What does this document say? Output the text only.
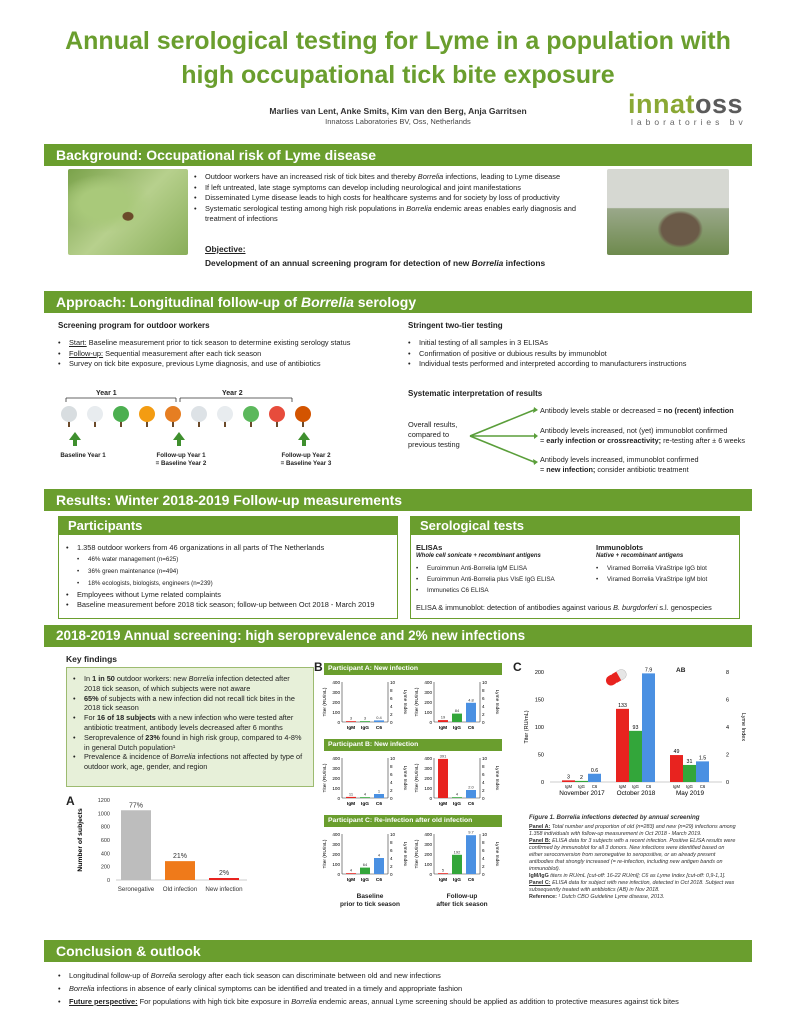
Annual serological testing for Lyme in a population with
high occupational tick bite exposure
Marlies van Lent, Anke Smits, Kim van den Berg, Anja Garritsen
Innatoss Laboratories BV, Oss, Netherlands
innatoss
laboratories bv
Background: Occupational risk of Lyme disease
• Outdoor workers have an increased risk of tick bites and thereby Borrelia infections, leading to Lyme disease
• If left untreated, late stage symptoms can develop including neurological and joint manifestations
• Disseminated Lyme disease leads to high costs for healthcare systems and for society by loss of productivity
• Systematic serological testing among high risk populations in Borrelia endemic areas enables early diagnosis and treatment of infections
Objective:
Development of an annual screening program for detection of new Borrelia infections
Approach: Longitudinal follow-up of Borrelia serology
Screening program for outdoor workers
• Start: Baseline measurement prior to tick season to determine existing serology status
• Follow-up: Sequential measurement after each tick season
• Survey on tick bite exposure, previous Lyme diagnosis, and use of antibiotics
Year 1	Year 2
Baseline Year 1	Follow-up Year 1
= Baseline Year 2
Follow-up Year 2
= Baseline Year 3
Stringent two-tier testing
• Initial testing of all samples in 3 ELISAs
• Confirmation of positive or dubious results by immunoblot
• Individual tests performed and interpreted according to manufacturers instructions
Systematic interpretation of results
Overall results,
compared to
previous testing
Antibody levels stable or decreased = no (recent) infection
Antibody levels increased, not (yet) immunoblot confirmed
= early infection or crossreactivity; re-testing after ± 6 weeks
Antibody levels increased, immunoblot confirmed
= new infection; consider antibiotic treatment
Results: Winter 2018-2019 Follow-up measurements
Participants
• 1.358 outdoor workers from 46 organizations in all parts of The Netherlands
• 46% water management (n=625)
• 36% green maintenance (n=494)
• 18% ecologists, biologists, engineers (n=239)
• Employees without Lyme related complaints
• Baseline measurement before 2018 tick season; follow-up between Oct 2018 - March 2019
Serological tests
ELISAs
Whole cell sonicate + recombinant antigens
• Euroimmun Anti-Borrelia IgM ELISA
• Euroimmun Anti-Borrelia plus VlsE IgG ELISA
• Immunetics C6 ELISA
Immunoblots
Native + recombinant antigens
• Viramed Borrelia ViraStripe IgG blot
• Viramed Borrelia ViraStripe IgM blot
ELISA & immunoblot: detection of antibodies against various B. burgdorferi s.l. genospecies
2018-2019 Annual screening: high seroprevalence and 2% new infections
Key findings
• In 1 in 50 outdoor workers: new Borrelia infection detected after 2018 tick season, of which subjects were not aware
• 65% of subjects with a new infection did not recall tick bites in the 2018 tick season
• For 16 of 18 subjects with a new infection who were tested after antibiotic treatment, antibody levels decreased after 6 months
• Seroprevalence of 23% found in high risk group, compared to 4-8% in general Dutch population¹
• Prevalence & incidence of Borrelia infections not affected by type of outdoor work, age, gender, and region
A
B	C
0
200
400
600
800
1000
1200
Number of subjects
77%
Seronegative
21%
Old infection
2%
New infection
Participant A: New infection
Participant B: New infection
Participant C: Re-infection after old infection
0
100
200
300
400
0
2
4
6
8
10
Titer (RU/mL)	Lyme Index
3
IgM
3
IgG
0.4
C6
0
100
200
300
400
0
2
4
6
8
10
Titer (RU/mL)	Lyme Index
19
IgM
84
IgG
4.8
C6
0
100
200
300
400
0
2
4
6
8
10
Titer (RU/mL)	Lyme Index
11
IgM
4
IgG
1
C6
0
100
200
300
400
0
2
4
6
8
10
Titer (RU/mL)	Lyme Index
391
IgM
4
IgG
2.0
C6
0
100
200
300
400
0
2
4
6
8
10
Titer (RU/mL)	Lyme Index
4
IgM
64
IgG
4
C6
0
100
200
300
400
0
2
4
6
8
10
Titer (RU/mL)	Lyme Index
5
IgM
192
IgG
9.7
C6
Baseline
prior to tick season
Follow-up
after tick season
0
50
100
150
200
0
2
4
6
8
Titer (RU/mL)	Lyme Index
3
IgM
2
IgG
0.6
C6
November 2017
133
IgM
93
IgG
7.9
C6
October 2018
49
IgM
31
IgG
1.5
C6
May 2019
AB
Figure 1. Borrelia infections detected by annual screening
Panel A: Total number and proportion of old (n=283) and new (n=29) infections among 1.358 individuals with follow-up measurement in Oct 2018 - March 2019.
Panel B: ELISA data for 3 subjects with a recent infection. Positive ELISA results were confirmed by immunoblot for all 3 donors. New infections were identified based on either seroconversion from seronegative to seropositive, or an already present antibodies that strongly increased (= re-infection, including new antigen bands on immunoblot).
IgM/IgG titers in RU/mL [cut-off: 16-22 RU/ml]; C6 as Lyme Index [cut-off: 0,9-1,1].
Panel C: ELISA data for subject with new infection, detected in Oct 2018. Subject was subsequently treated with antibiotics (AB) in Nov 2018.
Reference: ¹ Dutch CBO Guideline Lyme disease, 2013.
Conclusion & outlook
• Longitudinal follow-up of Borrelia serology after each tick season can discriminate between old and new infections
• Borrelia infections in absence of early clinical symptoms can be identified and treated in a timely and appropriate fashion
• Future perspective: For populations with high tick bite exposure in Borrelia endemic areas, annual Lyme screening should be applied as addition to protective measures against tick bites
